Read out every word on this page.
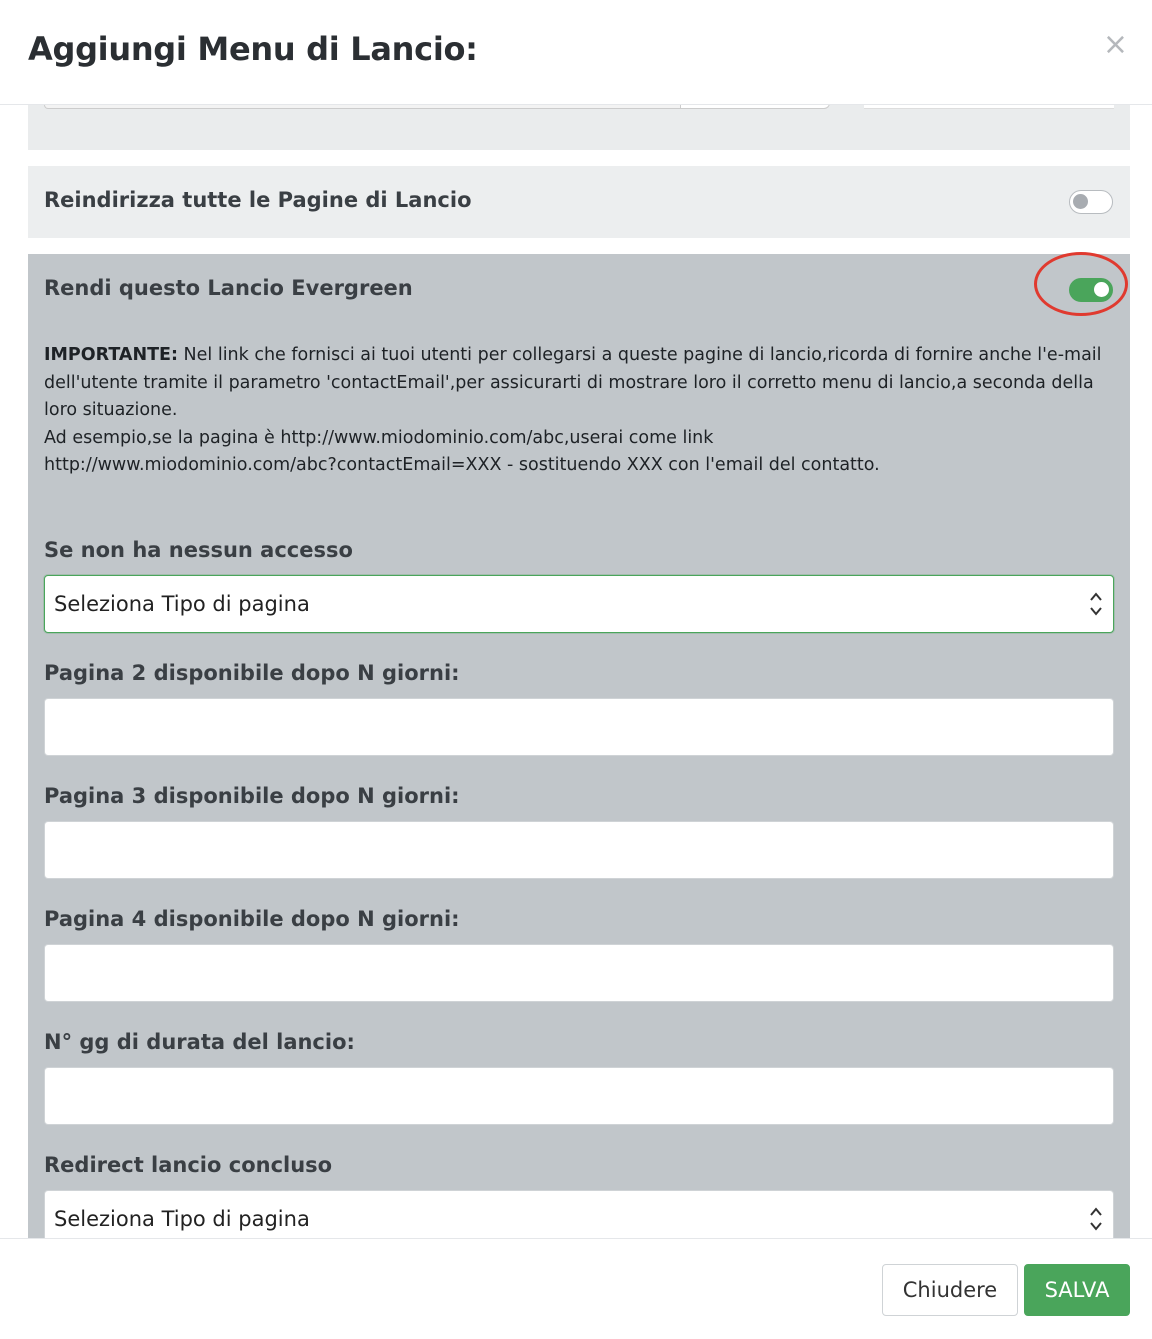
Aggiungi Menu di Lancio:	×
Reindirizza tutte le Pagine di Lancio
Rendi questo Lancio Evergreen
IMPORTANTE: Nel link che fornisci ai tuoi utenti per collegarsi a queste pagine di lancio,ricorda di fornire anche l'e-mail dell'utente tramite il parametro 'contactEmail',per assicurarti di mostrare loro il corretto menu di lancio,a seconda della loro situazione.
Ad esempio,se la pagina è http://www.miodominio.com/abc,userai come link
http://www.miodominio.com/abc?contactEmail=XXX - sostituendo XXX con l'email del contatto.
Se non ha nessun accesso
Seleziona Tipo di pagina
Pagina 2 disponibile dopo N giorni:
Pagina 3 disponibile dopo N giorni:
Pagina 4 disponibile dopo N giorni:
N° gg di durata del lancio:
Redirect lancio concluso
Seleziona Tipo di pagina
Chiudere	SALVA
